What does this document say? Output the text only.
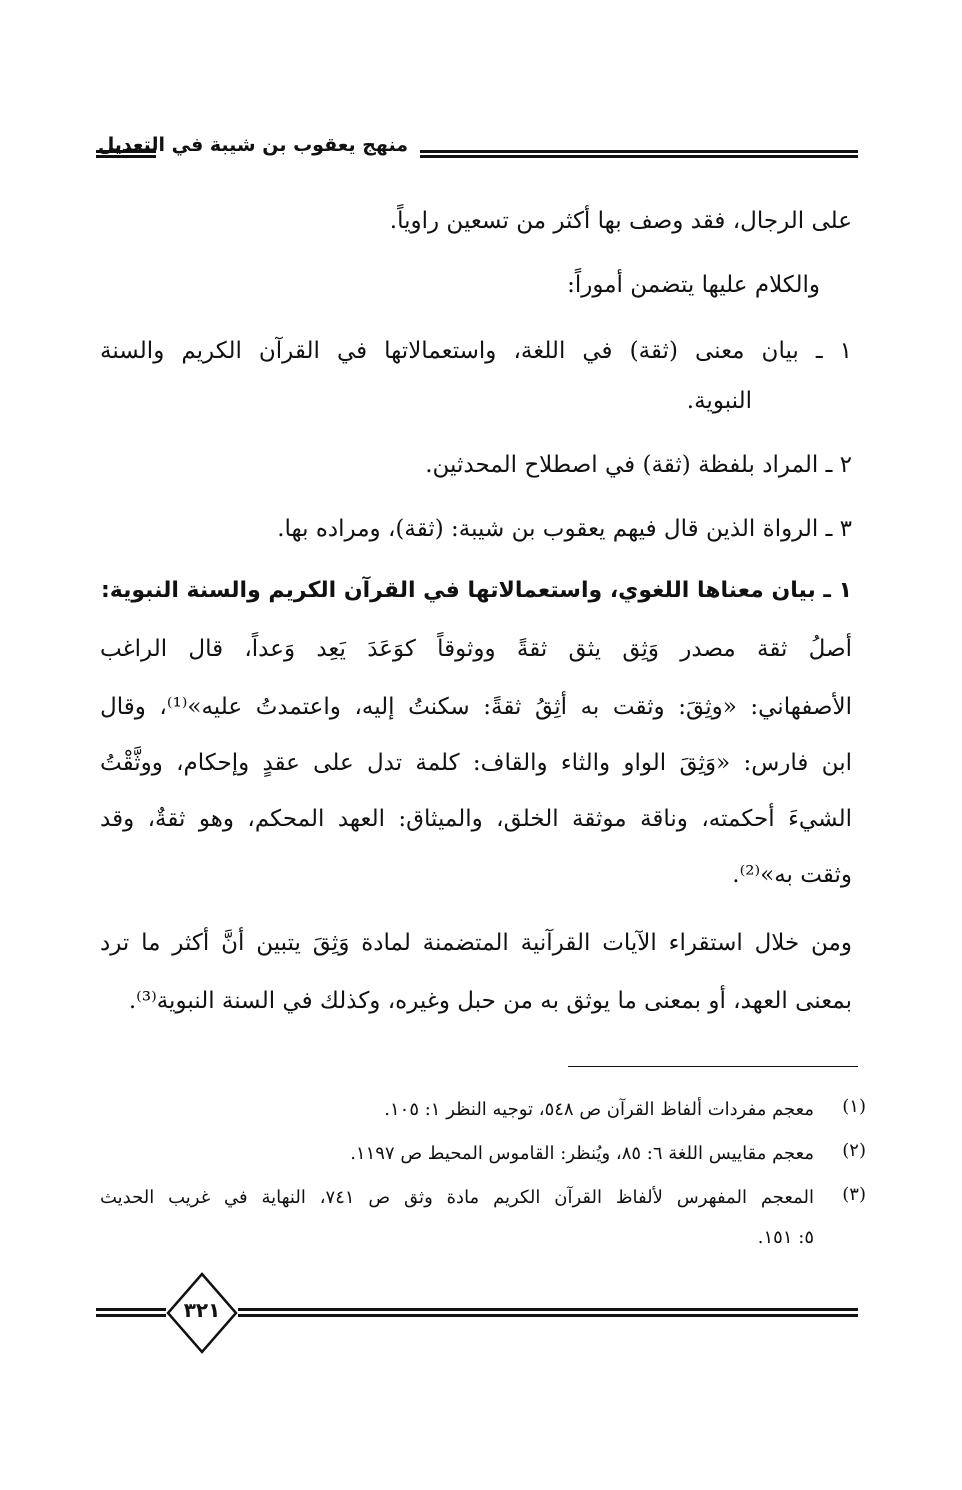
منهج يعقوب بن شيبة في التعديل
على الرجال، فقد وصف بها أكثر من تسعين راوياً.
والكلام عليها يتضمن أموراً:
١ ـ بيان معنى (ثقة) في اللغة، واستعمالاتها في القرآن الكريم والسنة
النبوية.
٢ ـ المراد بلفظة (ثقة) في اصطلاح المحدثين.
٣ ـ الرواة الذين قال فيهم يعقوب بن شيبة: (ثقة)، ومراده بها.
١ ـ بيان معناها اللغوي، واستعمالاتها في القرآن الكريم والسنة النبوية:
أصلُ ثقة مصدر وَثِق يثق ثقةً ووثوقاً كوَعَدَ يَعِد وَعداً، قال الراغب
الأصفهاني: «وثِقَ: وثقت به أثِقُ ثقةً: سكنتُ إليه، واعتمدتُ عليه»⁽¹⁾، وقال
ابن فارس: «وَثِقَ الواو والثاء والقاف: كلمة تدل على عقدٍ وإحكام، ووثَّقْتُ
الشيءَ أحكمته، وناقة موثقة الخلق، والميثاق: العهد المحكم، وهو ثقةٌ، وقد
وثقت به»⁽²⁾.
ومن خلال استقراء الآيات القرآنية المتضمنة لمادة وَثِقَ يتبين أنَّ أكثر ما ترد
بمعنى العهد، أو بمعنى ما يوثق به من حبل وغيره، وكذلك في السنة النبوية⁽³⁾.
(١)
معجم مفردات ألفاظ القرآن ص ٥٤٨، توجيه النظر ١: ١٠٥.
(٢)
معجم مقاييس اللغة ٦: ٨٥، ويُنظر: القاموس المحيط ص ١١٩٧.
(٣)
المعجم المفهرس لألفاظ القرآن الكريم مادة وثق ص ٧٤١، النهاية في غريب الحديث
٥: ١٥١.
٣٢١
